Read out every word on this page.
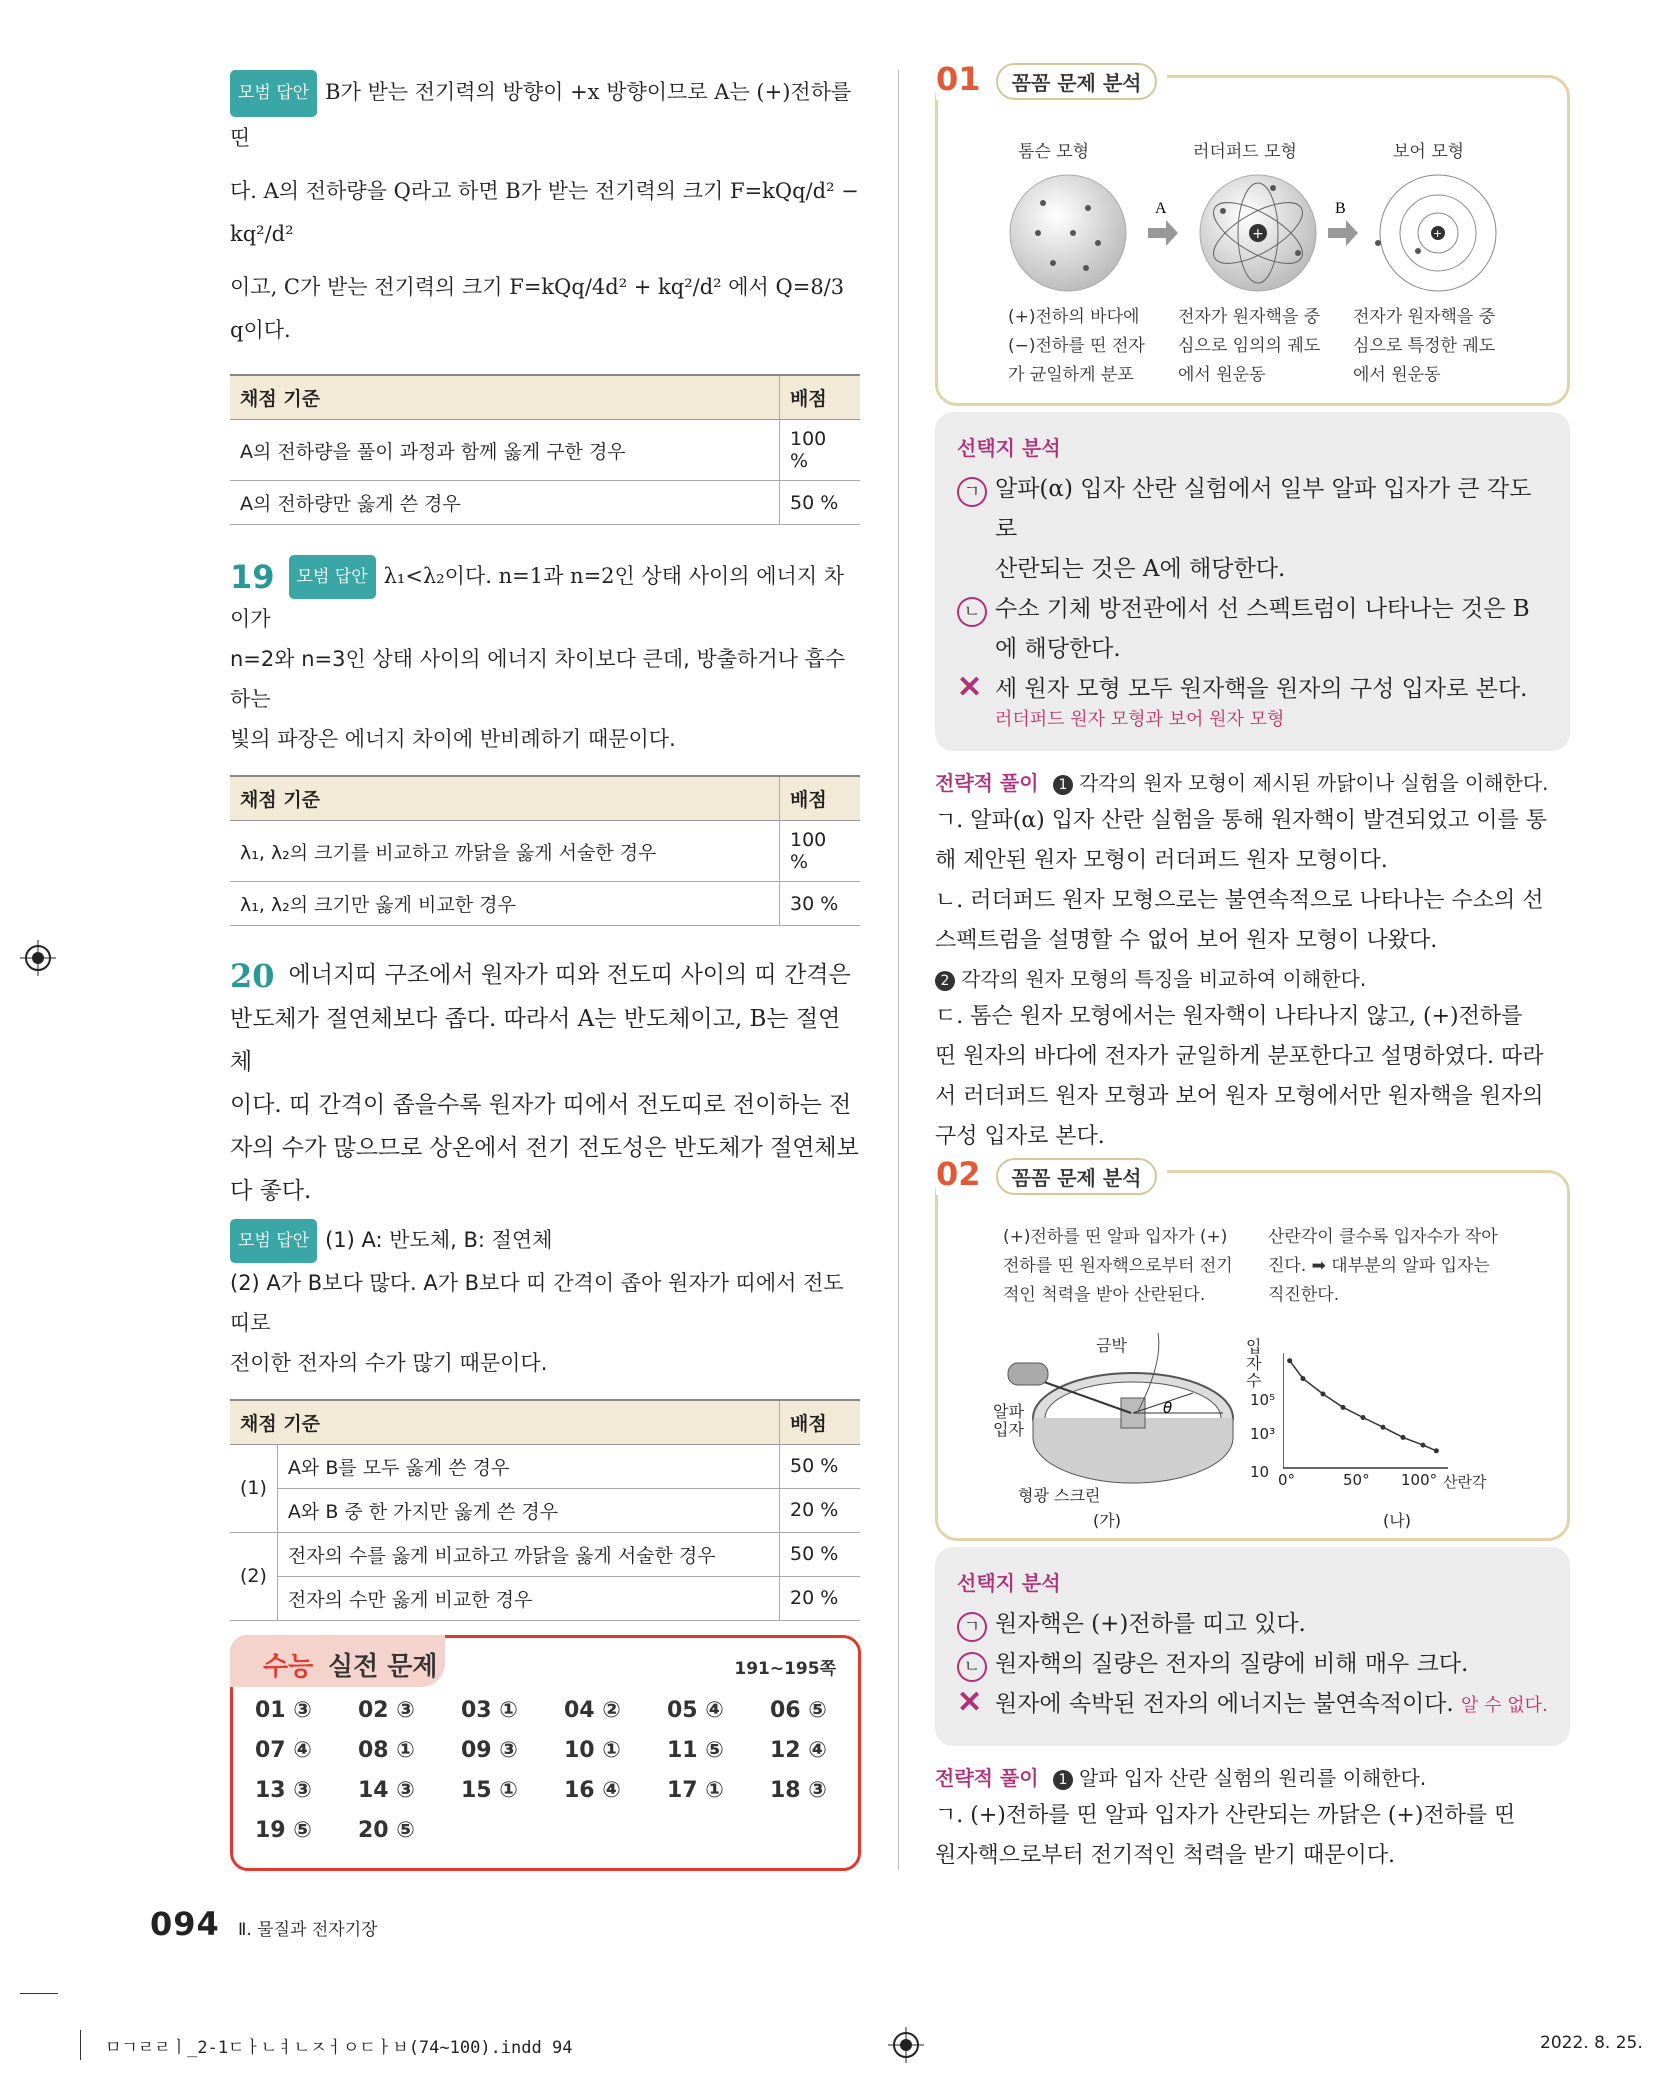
모범 답안 B가 받는 전기력의 방향이 +x 방향이므로 A는 (+)전하를 띤
다. A의 전하량을 Q라고 하면 B가 받는 전기력의 크기 F=kQq/d² − kq²/d²
이고, C가 받는 전기력의 크기 F=kQq/4d² + kq²/d² 에서 Q=8/3 q이다.
채점 기준	배점
A의 전하량을 풀이 과정과 함께 옳게 구한 경우	100 %
A의 전하량만 옳게 쓴 경우	50 %
19 모범 답안 λ₁<λ₂이다. n=1과 n=2인 상태 사이의 에너지 차이가
n=2와 n=3인 상태 사이의 에너지 차이보다 큰데, 방출하거나 흡수하는
빛의 파장은 에너지 차이에 반비례하기 때문이다.
채점 기준	배점
λ₁, λ₂의 크기를 비교하고 까닭을 옳게 서술한 경우	100 %
λ₁, λ₂의 크기만 옳게 비교한 경우	30 %
20 에너지띠 구조에서 원자가 띠와 전도띠 사이의 띠 간격은
반도체가 절연체보다 좁다. 따라서 A는 반도체이고, B는 절연체
이다. 띠 간격이 좁을수록 원자가 띠에서 전도띠로 전이하는 전
자의 수가 많으므로 상온에서 전기 전도성은 반도체가 절연체보
다 좋다.
모범 답안 (1) A: 반도체, B: 절연체
(2) A가 B보다 많다. A가 B보다 띠 간격이 좁아 원자가 띠에서 전도띠로
전이한 전자의 수가 많기 때문이다.
채점 기준		배점
(1)	A와 B를 모두 옳게 쓴 경우	50 %
	A와 B 중 한 가지만 옳게 쓴 경우	20 %
(2)	전자의 수를 옳게 비교하고 까닭을 옳게 서술한 경우	50 %
	전자의 수만 옳게 비교한 경우	20 %
수능 실전 문제	191~195쪽
01 ③ 02 ③ 03 ① 04 ② 05 ④ 06 ⑤
07 ④ 08 ① 09 ③ 10 ① 11 ⑤ 12 ④
13 ③ 14 ③ 15 ① 16 ④ 17 ① 18 ③
19 ⑤ 20 ⑤
01 꼼꼼 문제 분석
톰슨 모형	러더퍼드 모형	보어 모형
A
+
B
+
(+)전하의 바다에
(−)전하를 띤 전자
가 균일하게 분포
전자가 원자핵을 중
심으로 임의의 궤도
에서 원운동
전자가 원자핵을 중
심으로 특정한 궤도
에서 원운동
선택지 분석
ㄱ 알파(α) 입자 산란 실험에서 일부 알파 입자가 큰 각도로
산란되는 것은 A에 해당한다.
ㄴ 수소 기체 방전관에서 선 스펙트럼이 나타나는 것은 B
에 해당한다.
✕ 세 원자 모형 모두 원자핵을 원자의 구성 입자로 본다.
러더퍼드 원자 모형과 보어 원자 모형
전략적 풀이 1 각각의 원자 모형이 제시된 까닭이나 실험을 이해한다.
ㄱ. 알파(α) 입자 산란 실험을 통해 원자핵이 발견되었고 이를 통
해 제안된 원자 모형이 러더퍼드 원자 모형이다.
ㄴ. 러더퍼드 원자 모형으로는 불연속적으로 나타나는 수소의 선
스펙트럼을 설명할 수 없어 보어 원자 모형이 나왔다.
2 각각의 원자 모형의 특징을 비교하여 이해한다.
ㄷ. 톰슨 원자 모형에서는 원자핵이 나타나지 않고, (+)전하를
띤 원자의 바다에 전자가 균일하게 분포한다고 설명하였다. 따라
서 러더퍼드 원자 모형과 보어 원자 모형에서만 원자핵을 원자의
구성 입자로 본다.
02 꼼꼼 문제 분석
(+)전하를 띤 알파 입자가 (+)
전하를 띤 원자핵으로부터 전기
적인 척력을 받아 산란된다.
산란각이 클수록 입자수가 작아
진다. ➡ 대부분의 알파 입자는
직진한다.
θ
금박
알파 입자
형광 스크린
(가)
입자수
10⁵
10³
10 0°	50° 100° 산란각
(나)
선택지 분석
ㄱ 원자핵은 (+)전하를 띠고 있다.
ㄴ 원자핵의 질량은 전자의 질량에 비해 매우 크다.
✕ 원자에 속박된 전자의 에너지는 불연속적이다. 알 수 없다.
전략적 풀이 1 알파 입자 산란 실험의 원리를 이해한다.
ㄱ. (+)전하를 띤 알파 입자가 산란되는 까닭은 (+)전하를 띤
원자핵으로부터 전기적인 척력을 받기 때문이다.
094 Ⅱ. 물질과 전자기장
ㅁㄱㄹㄹㅣ_2-1ㄷㅏㄴㅕㄴㅈㅓㅇㄷㅏㅂ(74~100).indd 94	2022. 8. 25.
